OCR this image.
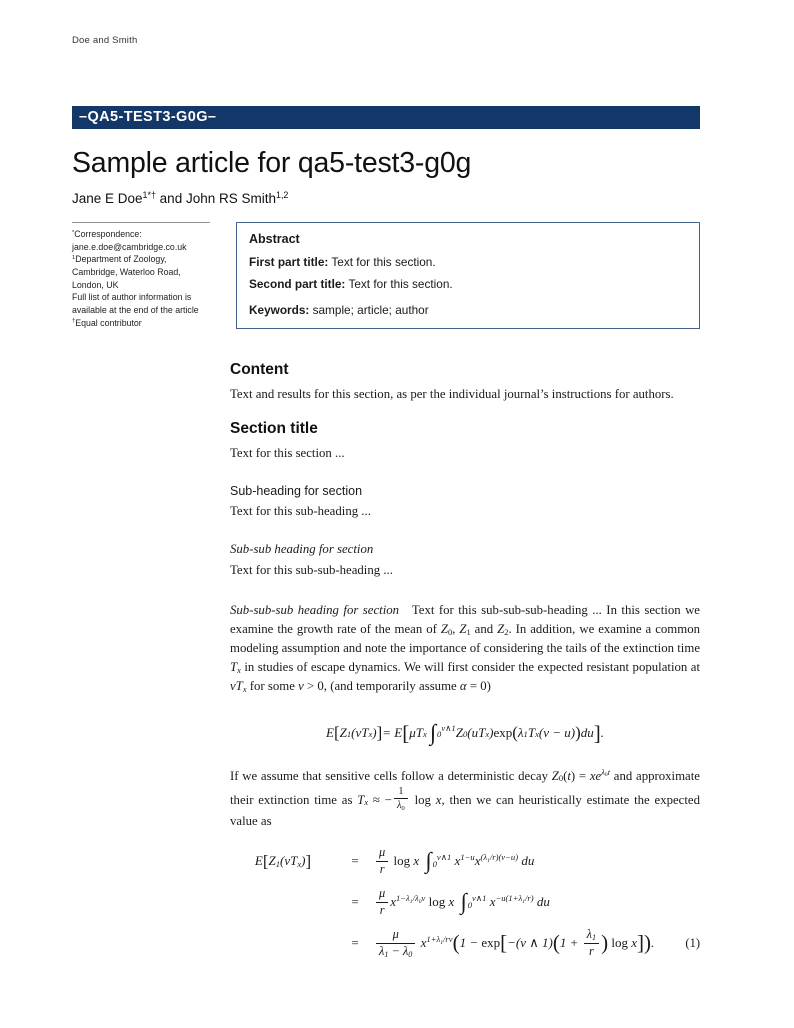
Doe and Smith
–QA5-TEST3-G0G–
Sample article for qa5-test3-g0g
Jane E Doe$^{1*\dagger}$ and John RS Smith$^{1,2}$
*Correspondence:
jane.e.doe@cambridge.co.uk
$^1$Department of Zoology,
Cambridge, Waterloo Road,
London, UK
Full list of author information is
available at the end of the article
†Equal contributor
Abstract

First part title: Text for this section.

Second part title: Text for this section.

Keywords: sample; article; author

Content

Text and results for this section, as per the individual journal’s instructions for authors.

Section title

Text for this section ...

Sub-heading for section

Text for this sub-heading ...

Sub-sub heading for section

Text for this sub-sub-heading ...

Sub-sub-sub heading for section Text for this sub-sub-sub-heading ... In this section we examine the growth rate of the mean of $Z_0$, $Z_1$ and $Z_2$. In addition, we examine a common modeling assumption and note the importance of considering the tails of the extinction time $T_x$ in studies of escape dynamics. We will first consider the expected resistant population at $vT_x$ for some v > 0, (and temporarily assume α = 0)

E [ $Z_1$ ($vT_x$ ) ] = E [ $\mu T_x$ $\int_0$
$^{v\wedge 1}$ $Z_0$ ($uT_x$ ) exp ( $\lambda_1$ $T_x$ (v − u) ) du ] .

If we assume that sensitive cells follow a deterministic decay $Z_0(t) = xe^{\lambda_0t}$ and approximate their extinction time as $T_x$ ≈ − $\frac{1}{\lambda_0}$ log x, then we can heuristically estimate the expected value as

$E[Z_1(vT_x)]$	=	$\frac{\mu}{r}$ log x $\int_0^{v\wedge 1}$ $x^{1-u}x^{(\lambda_1/r)(v-u)}$ du
=	$\frac{\mu}{r} x^{1-\lambda_1/\lambda_0v}$ log x $\int_0^{v\wedge 1}$ $x^{-u(1+\lambda_1/r)}$ du
=	$\frac{\mu}{\lambda_1 - \lambda_0} x^{1+\lambda_1/rv}(1 - \exp[-(v$ ∧ $1)(1 + \frac{\lambda_1}{r}$ ) log x]).	(1)
